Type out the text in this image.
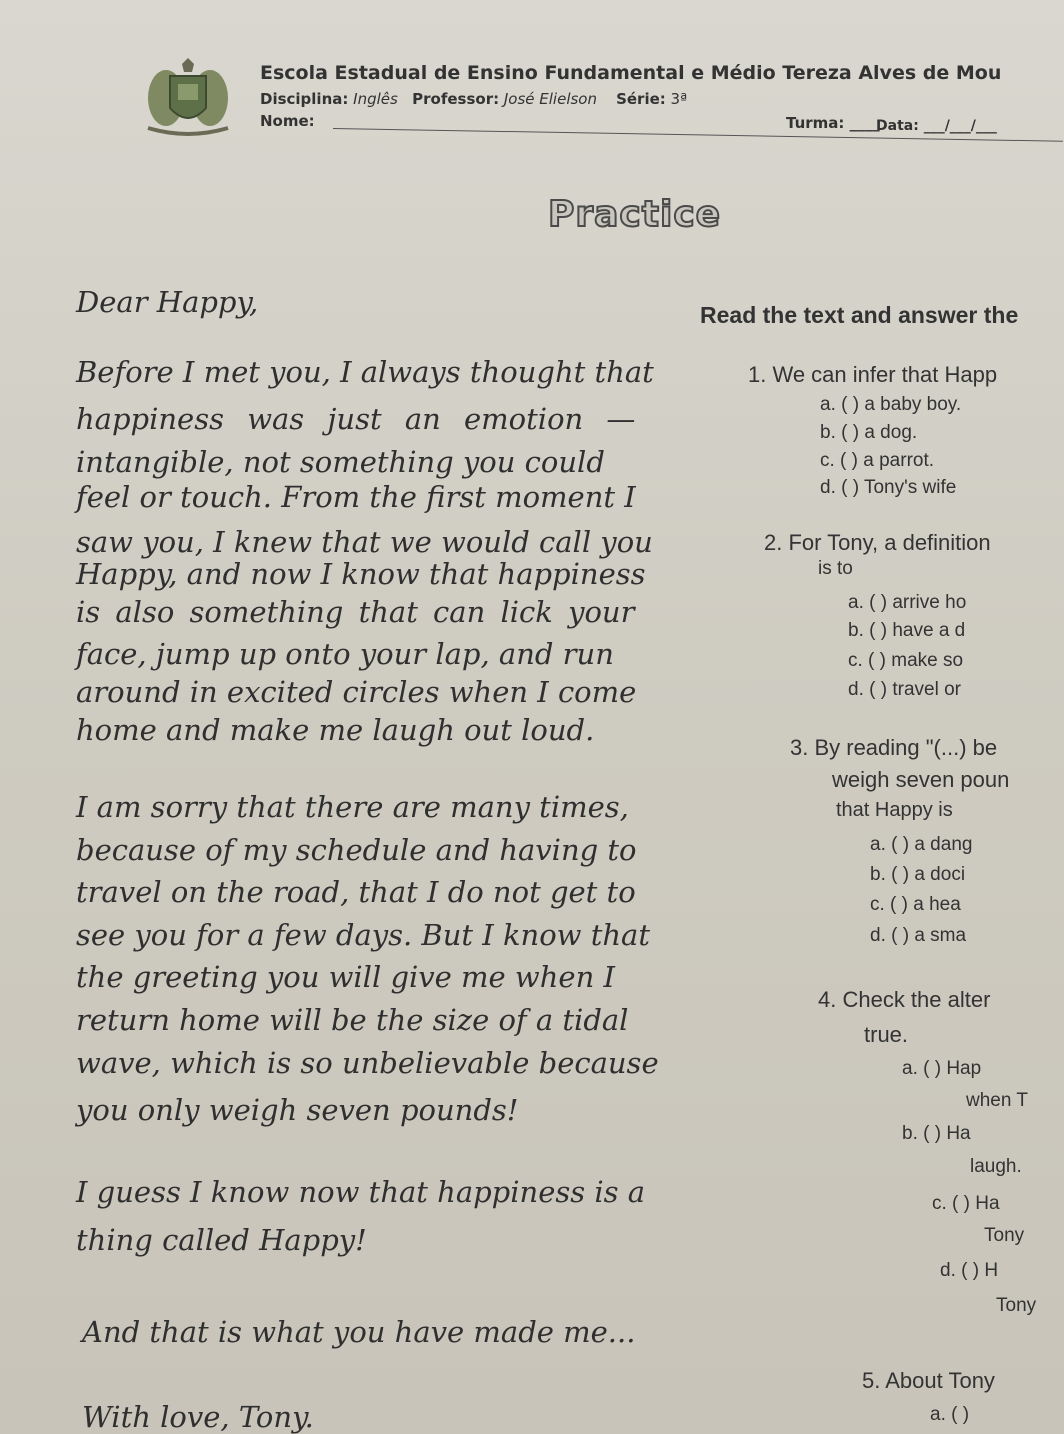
Escola Estadual de Ensino Fundamental e Médio Tereza Alves de Mou
Disciplina: Inglês Professor: José Elielson Série: 3ª
Nome:	Turma: ____
Data: ___/___/___
Practice
Dear Happy,
Before I met you, I always thought that
happiness was just an emotion —
intangible, not something you could
feel or touch. From the first moment I
saw you, I knew that we would call you
Happy, and now I know that happiness
is also something that can lick your
face, jump up onto your lap, and run
around in excited circles when I come
home and make me laugh out loud.
I am sorry that there are many times,
because of my schedule and having to
travel on the road, that I do not get to
see you for a few days. But I know that
the greeting you will give me when I
return home will be the size of a tidal
wave, which is so unbelievable because
you only weigh seven pounds!
I guess I know now that happiness is a
thing called Happy!
And that is what you have made me...
With love, Tony.
Read the text and answer the
1. We can infer that Happ
a. ( ) a baby boy.
b. ( ) a dog.
c. ( ) a parrot.
d. ( ) Tony's wife
2. For Tony, a definition
is to
a. ( ) arrive ho
b. ( ) have a d
c. ( ) make so
d. ( ) travel or
3. By reading "(...) be
weigh seven poun
that Happy is
a. ( ) a dang
b. ( ) a doci
c. ( ) a hea
d. ( ) a sma
4. Check the alter
true.
a. ( ) Hap
when T
b. ( ) Ha
laugh.
c. ( ) Ha
Tony
d. ( ) H
Tony
5. About Tony
a. ( )
